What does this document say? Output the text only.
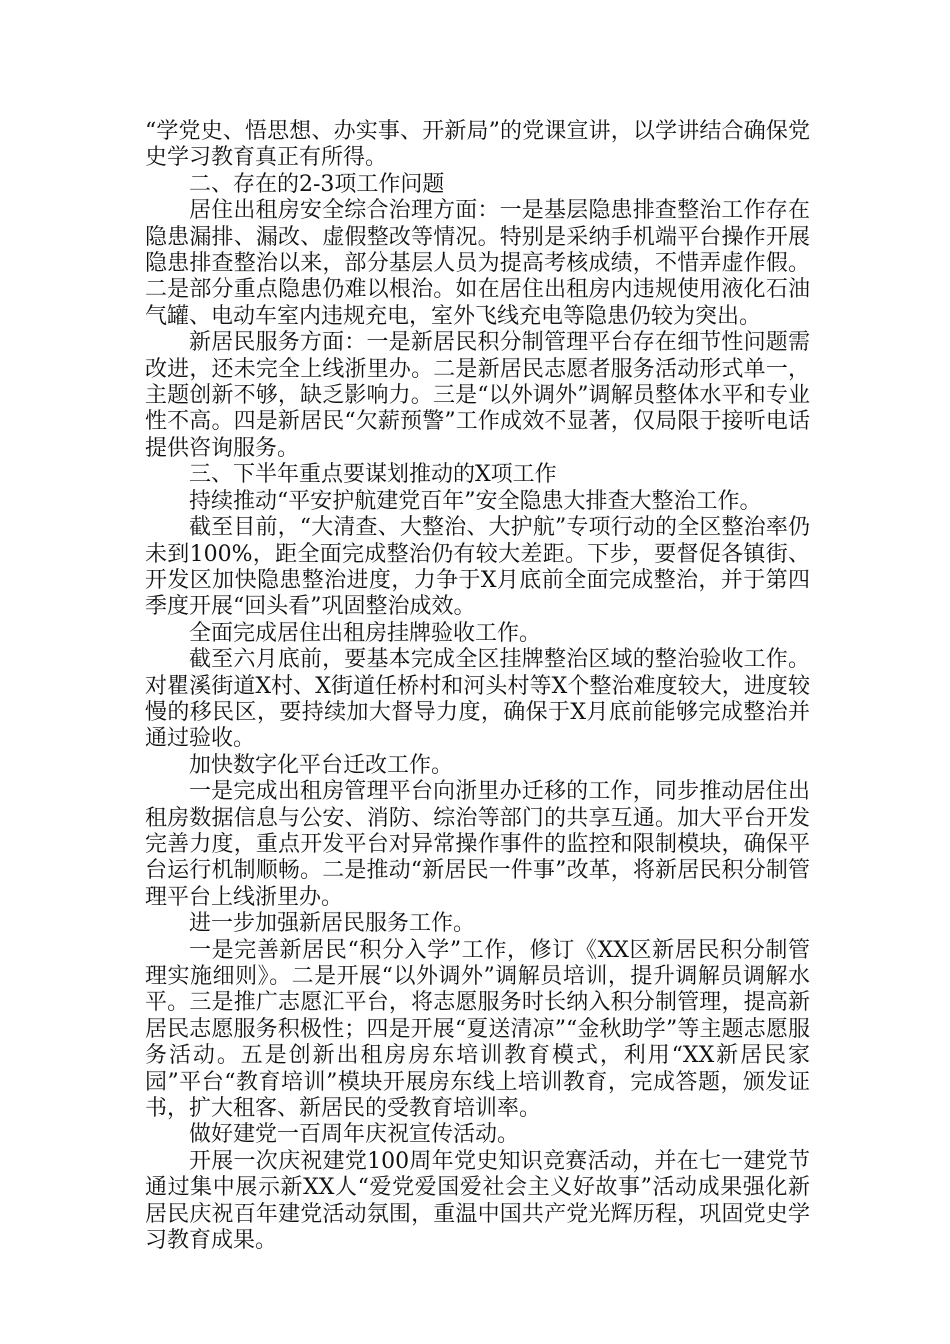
“学党史、悟思想、办实事、开新局”的党课宣讲，以学讲结合确保党史学习教育真正有所得。

二、存在的2-3项工作问题

居住出租房安全综合治理方面：一是基层隐患排查整治工作存在隐患漏排、漏改、虚假整改等情况。特别是采纳手机端平台操作开展隐患排查整治以来，部分基层人员为提高考核成绩，不惜弄虚作假。二是部分重点隐患仍难以根治。如在居住出租房内违规使用液化石油气罐、电动车室内违规充电，室外飞线充电等隐患仍较为突出。

新居民服务方面：一是新居民积分制管理平台存在细节性问题需改进，还未完全上线浙里办。二是新居民志愿者服务活动形式单一，主题创新不够，缺乏影响力。三是“以外调外”调解员整体水平和专业性不高。四是新居民“欠薪预警”工作成效不显著，仅局限于接听电话提供咨询服务。

三、下半年重点要谋划推动的X项工作

持续推动“平安护航建党百年”安全隐患大排查大整治工作。

截至目前，“大清查、大整治、大护航”专项行动的全区整治率仍未到100%，距全面完成整治仍有较大差距。下步，要督促各镇街、开发区加快隐患整治进度，力争于X月底前全面完成整治，并于第四季度开展“回头看”巩固整治成效。

全面完成居住出租房挂牌验收工作。

截至六月底前，要基本完成全区挂牌整治区域的整治验收工作。对瞿溪街道X村、X街道任桥村和河头村等X个整治难度较大，进度较慢的移民区，要持续加大督导力度，确保于X月底前能够完成整治并通过验收。

加快数字化平台迁改工作。

一是完成出租房管理平台向浙里办迁移的工作，同步推动居住出租房数据信息与公安、消防、综治等部门的共享互通。加大平台开发完善力度，重点开发平台对异常操作事件的监控和限制模块，确保平台运行机制顺畅。二是推动“新居民一件事”改革，将新居民积分制管理平台上线浙里办。

进一步加强新居民服务工作。

一是完善新居民“积分入学”工作，修订《XX区新居民积分制管理实施细则》。二是开展“以外调外”调解员培训，提升调解员调解水平。三是推广志愿汇平台，将志愿服务时长纳入积分制管理，提高新居民志愿服务积极性；四是开展“夏送清凉”“金秋助学”等主题志愿服务活动。五是创新出租房房东培训教育模式，利用“XX新居民家园”平台“教育培训”模块开展房东线上培训教育，完成答题，颁发证书，扩大租客、新居民的受教育培训率。

做好建党一百周年庆祝宣传活动。

开展一次庆祝建党100周年党史知识竞赛活动，并在七一建党节通过集中展示新XX人“爱党爱国爱社会主义好故事”活动成果强化新居民庆祝百年建党活动氛围，重温中国共产党光辉历程，巩固党史学习教育成果。
